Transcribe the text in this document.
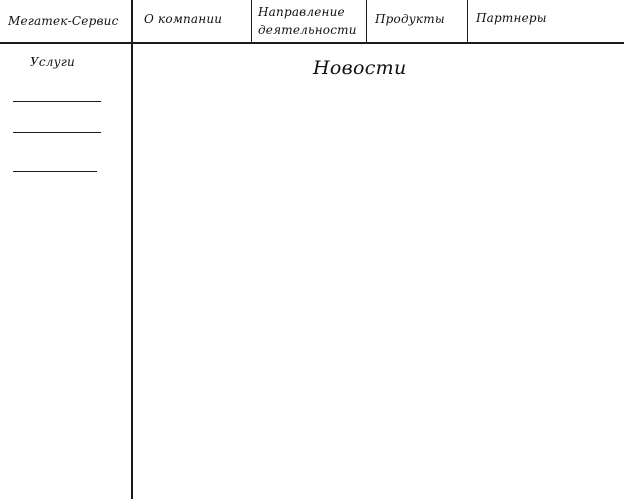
Мегатек-Сервис О компании	Направление
деятельности
Продукты	Партнеры
Услуги	Новости
